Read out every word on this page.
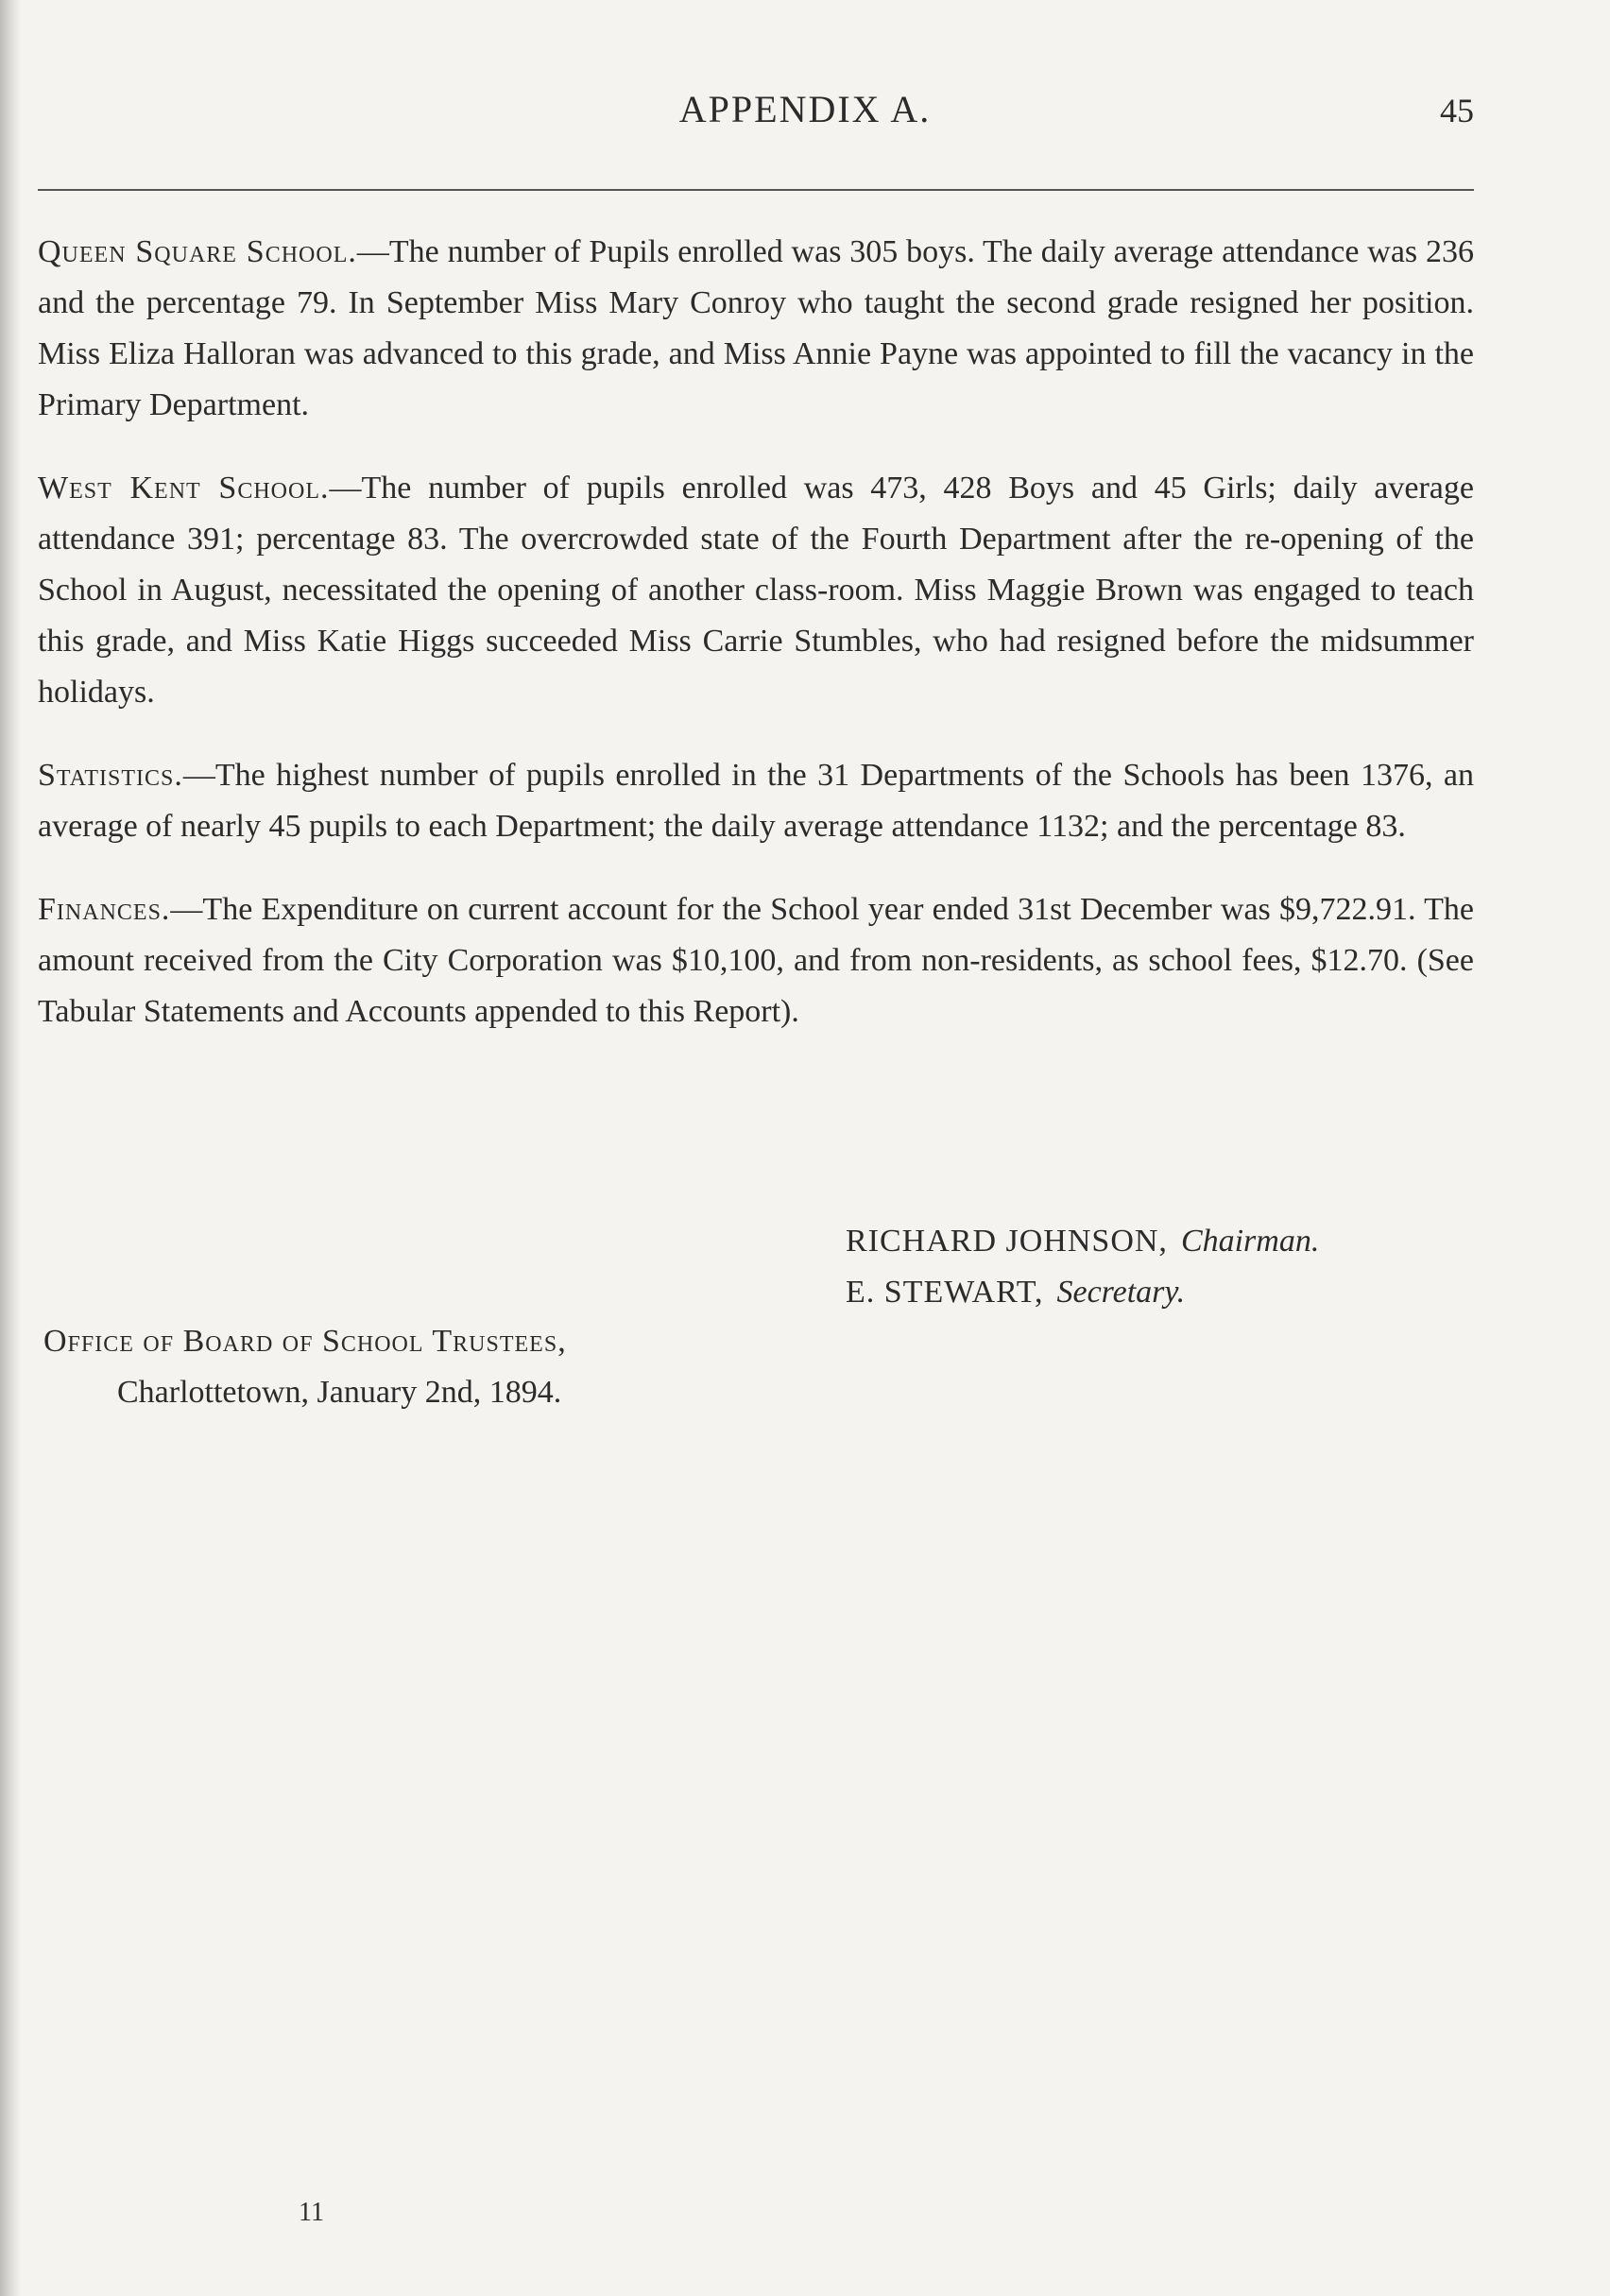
APPENDIX A.	45

Queen Square School.—The number of Pupils enrolled was 305 boys. The daily average attendance was 236 and the percentage 79. In September Miss Mary Conroy who taught the second grade resigned her position. Miss Eliza Halloran was advanced to this grade, and Miss Annie Payne was appointed to fill the vacancy in the Primary Department.

West Kent School.—The number of pupils enrolled was 473, 428 Boys and 45 Girls; daily average attendance 391; percentage 83. The overcrowded state of the Fourth Department after the re-opening of the School in August, necessitated the opening of another class-room. Miss Maggie Brown was engaged to teach this grade, and Miss Katie Higgs succeeded Miss Carrie Stumbles, who had resigned before the midsummer holidays.

Statistics.—The highest number of pupils enrolled in the 31 Departments of the Schools has been 1376, an average of nearly 45 pupils to each Department; the daily average attendance 1132; and the percentage 83.

Finances.—The Expenditure on current account for the School year ended 31st December was $9,722.91. The amount received from the City Corporation was $10,100, and from non-residents, as school fees, $12.70. (See Tabular Statements and Accounts appended to this Report).

RICHARD JOHNSON, Chairman.
E. STEWART, Secretary.
Office of Board of School Trustees,
Charlottetown, January 2nd, 1894.
11
